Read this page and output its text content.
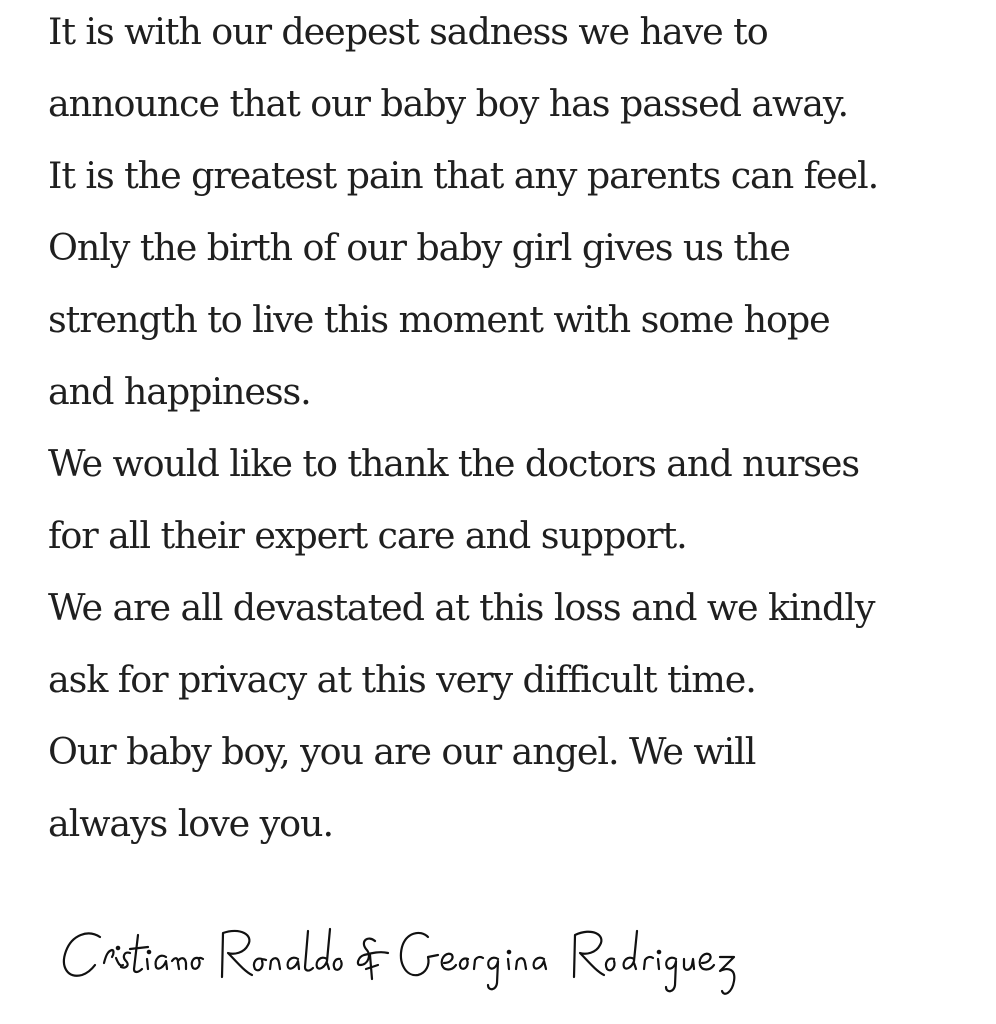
It is with our deepest sadness we have to
announce that our baby boy has passed away.
It is the greatest pain that any parents can feel.
Only the birth of our baby girl gives us the
strength to live this moment with some hope
and happiness.
We would like to thank the doctors and nurses
for all their expert care and support.
We are all devastated at this loss and we kindly
ask for privacy at this very difficult time.
Our baby boy, you are our angel. We will
always love you.
